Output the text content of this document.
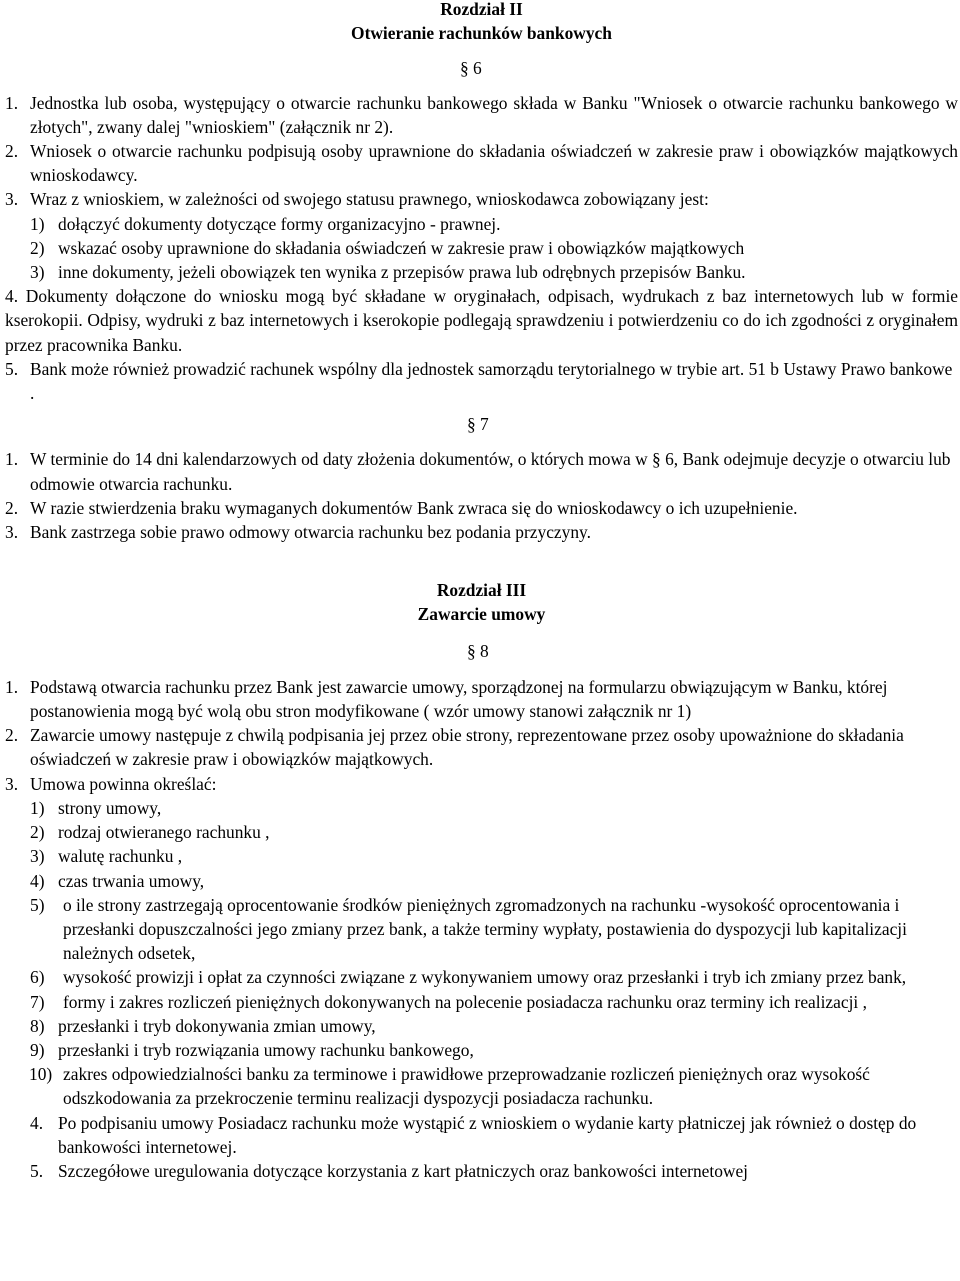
Rozdział II
Otwieranie rachunków bankowych
§ 6
1. Jednostka lub osoba, występujący o otwarcie rachunku bankowego składa w Banku "Wniosek o otwarcie rachunku bankowego w złotych", zwany dalej "wnioskiem" (załącznik nr 2).
2. Wniosek o otwarcie rachunku podpisują osoby uprawnione do składania oświadczeń w zakresie praw i obowiązków majątkowych wnioskodawcy.
3. Wraz z wnioskiem, w zależności od swojego statusu prawnego, wnioskodawca zobowiązany jest:
1) dołączyć dokumenty dotyczące formy organizacyjno - prawnej.
2) wskazać osoby uprawnione do składania oświadczeń w zakresie praw i obowiązków majątkowych
3) inne dokumenty, jeżeli obowiązek ten wynika z przepisów prawa lub odrębnych przepisów Banku.
4. Dokumenty dołączone do wniosku mogą być składane w oryginałach, odpisach, wydrukach z baz internetowych lub w formie kserokopii. Odpisy, wydruki z baz internetowych i kserokopie podlegają sprawdzeniu i potwierdzeniu co do ich zgodności z oryginałem przez pracownika Banku.
5. Bank może również prowadzić rachunek wspólny dla jednostek samorządu terytorialnego w trybie art. 51 b Ustawy Prawo bankowe .
§ 7
1. W terminie do 14 dni kalendarzowych od daty złożenia dokumentów, o których mowa w § 6, Bank odejmuje decyzje o otwarciu lub odmowie otwarcia rachunku.
2. W razie stwierdzenia braku wymaganych dokumentów Bank zwraca się do wnioskodawcy o ich uzupełnienie.
3. Bank zastrzega sobie prawo odmowy otwarcia rachunku bez podania przyczyny.
Rozdział III
Zawarcie umowy
§ 8
1. Podstawą otwarcia rachunku przez Bank jest zawarcie umowy, sporządzonej na formularzu obwiązującym w Banku, której postanowienia mogą być wolą obu stron modyfikowane ( wzór umowy stanowi załącznik nr 1)
2. Zawarcie umowy następuje z chwilą podpisania jej przez obie strony, reprezentowane przez osoby upoważnione do składania oświadczeń w zakresie praw i obowiązków majątkowych.
3. Umowa powinna określać:
1) strony umowy,
2) rodzaj otwieranego rachunku ,
3) walutę rachunku ,
4) czas trwania umowy,
5) o ile strony zastrzegają oprocentowanie środków pieniężnych zgromadzonych na rachunku -wysokość oprocentowania i przesłanki dopuszczalności jego zmiany przez bank, a także terminy wypłaty, postawienia do dyspozycji lub kapitalizacji należnych odsetek,
6) wysokość prowizji i opłat za czynności związane z wykonywaniem umowy oraz przesłanki i tryb ich zmiany przez bank,
7) formy i zakres rozliczeń pieniężnych dokonywanych na polecenie posiadacza rachunku oraz terminy ich realizacji ,
8) przesłanki i tryb dokonywania zmian umowy,
9) przesłanki i tryb rozwiązania umowy rachunku bankowego,
10) zakres odpowiedzialności banku za terminowe i prawidłowe przeprowadzanie rozliczeń pieniężnych oraz wysokość odszkodowania za przekroczenie terminu realizacji dyspozycji posiadacza rachunku.
4. Po podpisaniu umowy Posiadacz rachunku może wystąpić z wnioskiem o wydanie karty płatniczej jak również o dostęp do bankowości internetowej.
5. Szczegółowe uregulowania dotyczące korzystania z kart płatniczych oraz bankowości internetowej
